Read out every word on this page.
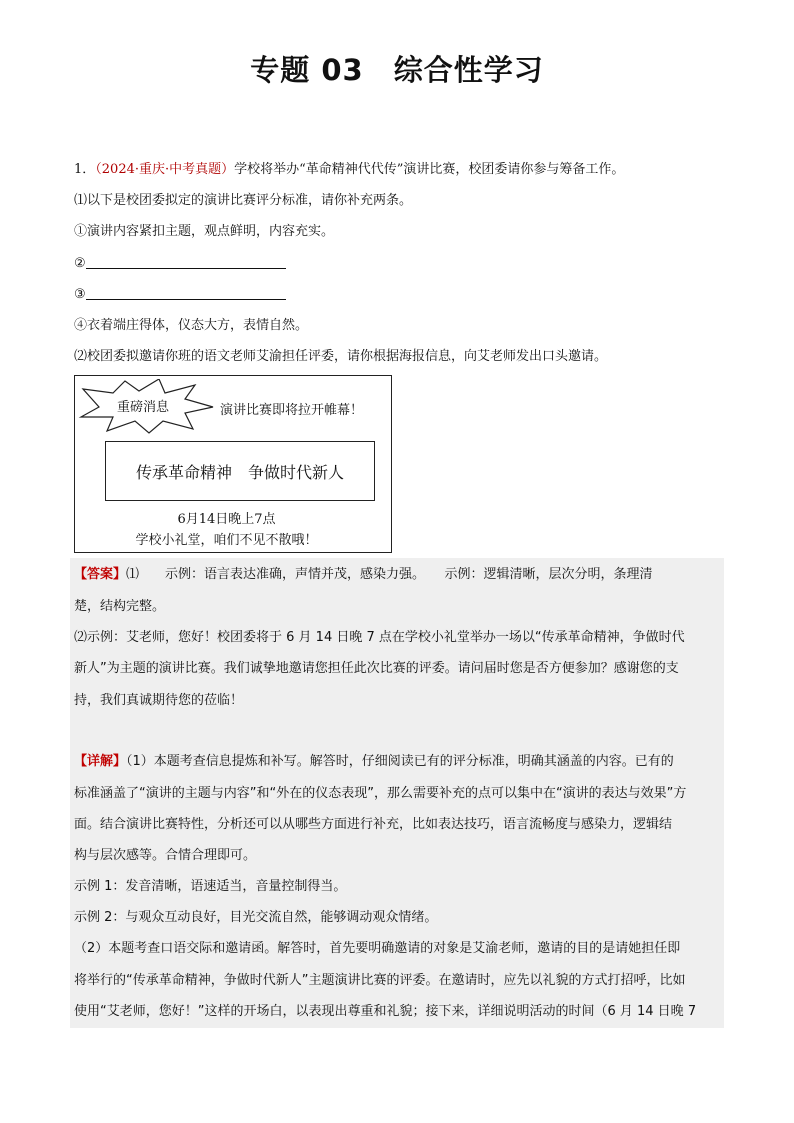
专题 03 综合性学习
1．（2024·重庆·中考真题）学校将举办“革命精神代代传”演讲比赛，校团委请你参与筹备工作。
⑴以下是校团委拟定的演讲比赛评分标准，请你补充两条。
①演讲内容紧扣主题，观点鲜明，内容充实。
②
③
④衣着端庄得体，仪态大方，表情自然。
⑵校团委拟邀请你班的语文老师艾渝担任评委，请你根据海报信息，向艾老师发出口头邀请。
重磅消息	演讲比赛即将拉开帷幕！
传承革命精神　争做时代新人
6月14日晚上7点
学校小礼堂，咱们不见不散哦！
【答案】⑴　　示例：语言表达准确，声情并茂，感染力强。　　示例：逻辑清晰，层次分明，条理清
楚，结构完整。
⑵示例：艾老师，您好！校团委将于 6 月 14 日晚 7 点在学校小礼堂举办一场以“传承革命精神，争做时代
新人”为主题的演讲比赛。我们诚挚地邀请您担任此次比赛的评委。请问届时您是否方便参加？感谢您的支
持，我们真诚期待您的莅临！
【详解】（1）本题考查信息提炼和补写。解答时，仔细阅读已有的评分标准，明确其涵盖的内容。已有的
标准涵盖了“演讲的主题与内容”和“外在的仪态表现”，那么需要补充的点可以集中在“演讲的表达与效果”方
面。结合演讲比赛特性，分析还可以从哪些方面进行补充，比如表达技巧，语言流畅度与感染力，逻辑结
构与层次感等。合情合理即可。
示例 1：发音清晰，语速适当，音量控制得当。
示例 2：与观众互动良好，目光交流自然，能够调动观众情绪。
（2）本题考查口语交际和邀请函。解答时，首先要明确邀请的对象是艾渝老师，邀请的目的是请她担任即
将举行的“传承革命精神，争做时代新人”主题演讲比赛的评委。在邀请时，应先以礼貌的方式打招呼，比如
使用“艾老师，您好！”这样的开场白，以表现出尊重和礼貌；接下来，详细说明活动的时间（6 月 14 日晚 7
